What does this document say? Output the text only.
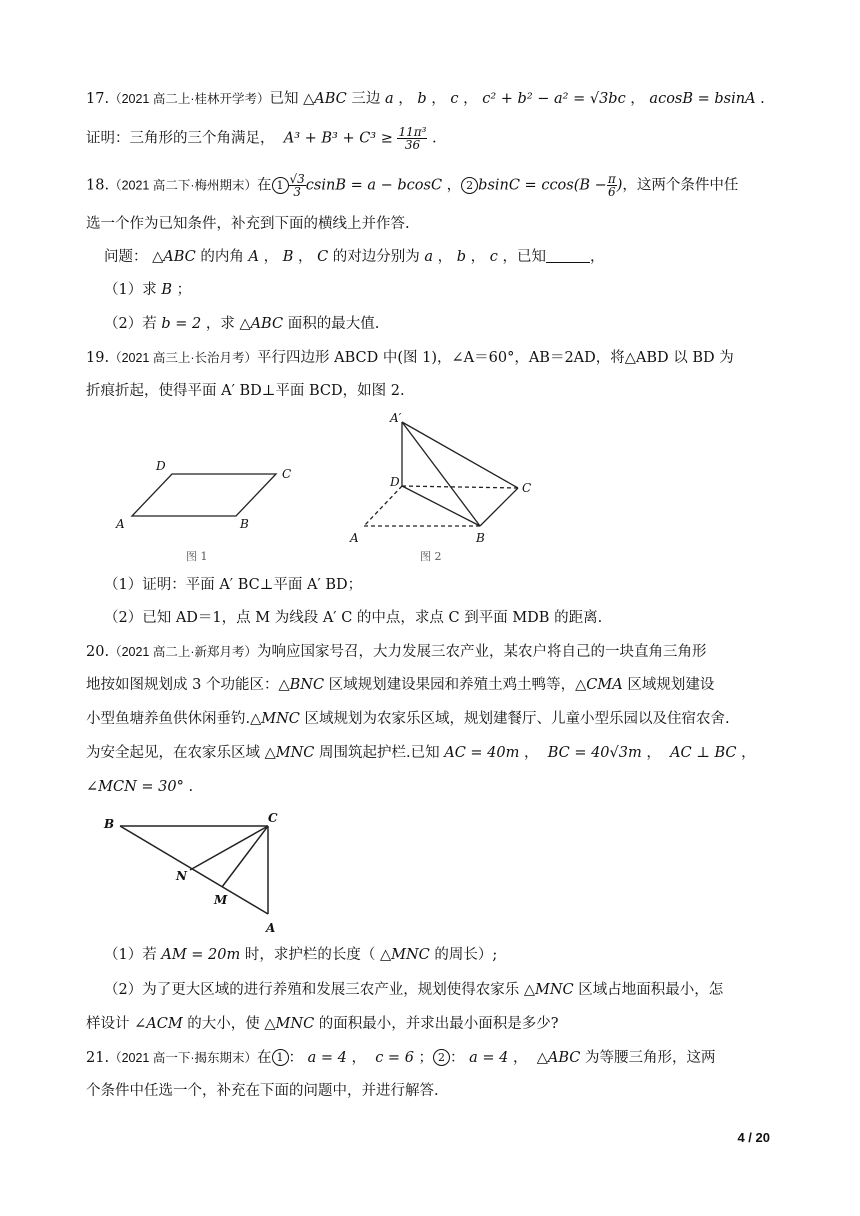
17.（2021 高二上·桂林开学考）已知 △ABC 三边 a ， b ， c ， c² + b² − a² = √3bc ， acosB = bsinA .
证明：三角形的三个角满足， $A^3 + B^3 + C^3 \ge \frac{\text{11π³}}{36}$ .
18.（2021 高二下·梅州期末）在 $1 \frac{√3}{3}$ csinB = a − bcosC ， 2 $bsinC = ccos(B - \frac{\pi}{6}$ )，这两个条件中任
选一个作为已知条件，补充到下面的横线上并作答.
问题： △ABC 的内角 A ， B ， C 的对边分别为 a ， b ， c ，已知	，
（1）求 B ；
（2）若 b = 2 ，求 △ABC 面积的最大值.
19.（2021 高三上·长治月考）平行四边形 ABCD 中(图 1)，∠A＝60°，AB＝2AD，将△ABD 以 BD 为
折痕折起，使得平面 A′ BD⊥平面 BCD，如图 2.
D
C
A	B
图 1
A′
D	C
A	B
图 2
（1）证明：平面 A′ BC⊥平面 A′ BD；
（2）已知 AD＝1，点 M 为线段 A′ C 的中点，求点 C 到平面 MDB 的距离.
20.（2021 高二上·新郑月考）为响应国家号召，大力发展三农产业，某农户将自己的一块直角三角形
地按如图规划成 3 个功能区：△BNC 区域规划建设果园和养殖土鸡土鸭等，△CMA 区域规划建设
小型鱼塘养鱼供休闲垂钓.△MNC 区域规划为农家乐区域，规划建餐厅、儿童小型乐园以及住宿农舍.
为安全起见，在农家乐区域 △MNC 周围筑起护栏.已知 AC = 40m ，  BC = 40√3m ，  AC ⊥ BC ，
∠MCN = 30° .
B	C
N
M
A
（1）若 AM = 20m 时，求护栏的长度（ △MNC 的周长）;
（2）为了更大区域的进行养殖和发展三农产业，规划使得农家乐 △MNC 区域占地面积最小，怎
样设计 ∠ACM 的大小，使 △MNC 的面积最小，并求出最小面积是多少?
21.（2021 高一下·揭东期末）在 1 ： a = 4 ，  c = 6 ； 2 ： a = 4 ，  △ABC 为等腰三角形，这两
个条件中任选一个，补充在下面的问题中，并进行解答.
4 / 20
